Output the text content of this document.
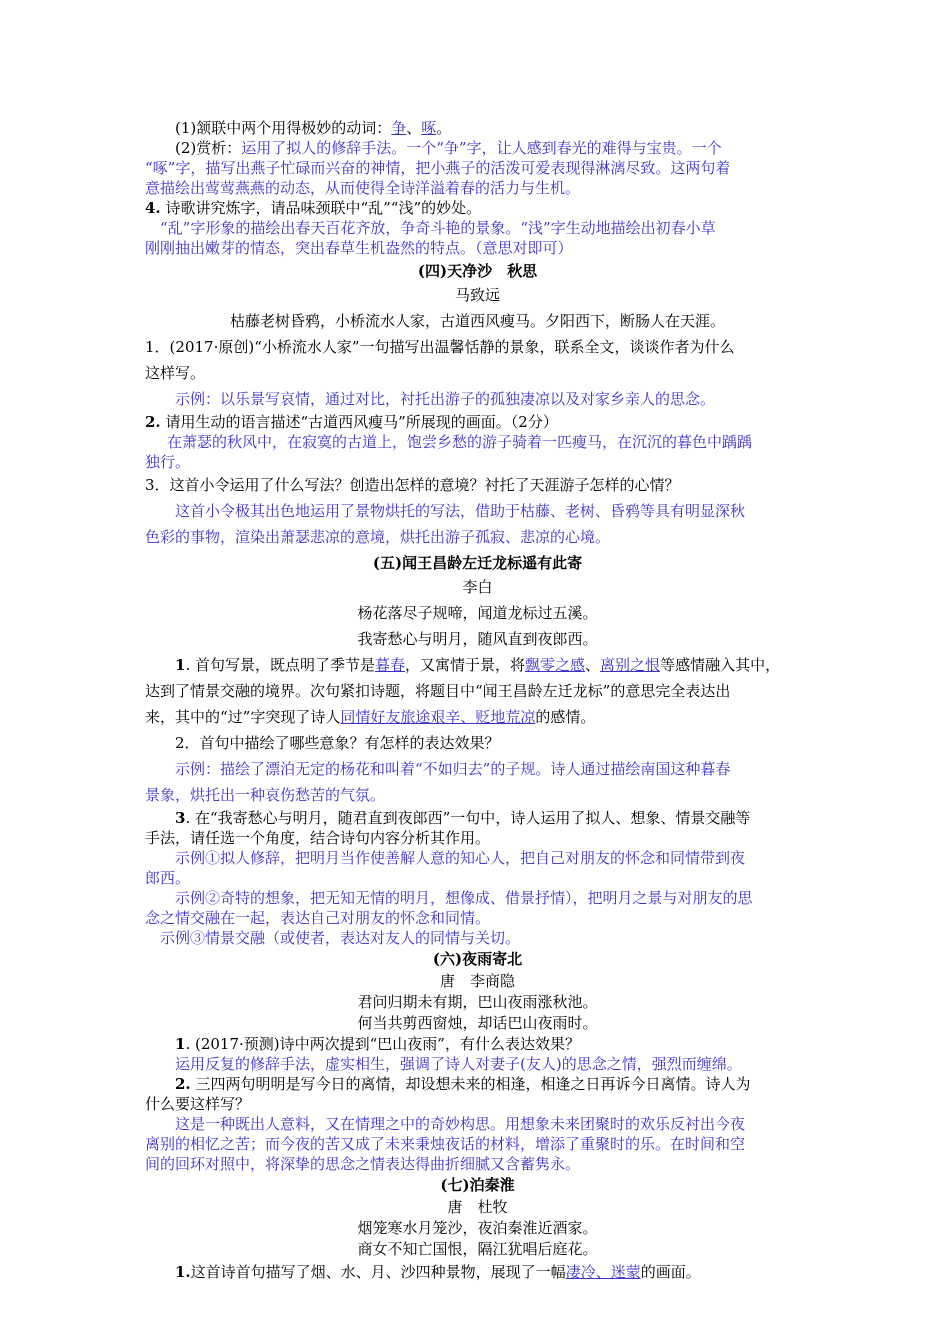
(1)颔联中两个用得极妙的动词：争、啄。

(2)赏析：运用了拟人的修辞手法。一个“争”字，让人感到春光的难得与宝贵。一个

“啄”字，描写出燕子忙碌而兴奋的神情，把小燕子的活泼可爱表现得淋漓尽致。这两句着

意描绘出莺莺燕燕的动态，从而使得全诗洋溢着春的活力与生机。

4. 诗歌讲究炼字，请品味颈联中“乱”“浅”的妙处。

“乱”字形象的描绘出春天百花齐放，争奇斗艳的景象。“浅”字生动地描绘出初春小草

刚刚抽出嫩芽的情态，突出春草生机盎然的特点。（意思对即可）

(四)天净沙　秋思

马致远

枯藤老树昏鸦，小桥流水人家，古道西风瘦马。夕阳西下，断肠人在天涯。

1．(2017·原创)“小桥流水人家”一句描写出温馨恬静的景象，联系全文，谈谈作者为什么

这样写。

示例：以乐景写哀情，通过对比，衬托出游子的孤独凄凉以及对家乡亲人的思念。

2. 请用生动的语言描述“古道西风瘦马”所展现的画面。（2分）

在萧瑟的秋风中，在寂寞的古道上，饱尝乡愁的游子骑着一匹瘦马，在沉沉的暮色中踽踽

独行。

3．这首小令运用了什么写法？创造出怎样的意境？衬托了天涯游子怎样的心情？

这首小令极其出色地运用了景物烘托的写法，借助于枯藤、老树、昏鸦等具有明显深秋

色彩的事物，渲染出萧瑟悲凉的意境，烘托出游子孤寂、悲凉的心境。

(五)闻王昌龄左迁龙标遥有此寄

李白

杨花落尽子规啼，闻道龙标过五溪。

我寄愁心与明月，随风直到夜郎西。

1. 首句写景，既点明了季节是暮春，又寓情于景，将飘零之感、离别之恨等感情融入其中，

达到了情景交融的境界。次句紧扣诗题，将题目中“闻王昌龄左迁龙标”的意思完全表达出

来，其中的“过”字突现了诗人同情好友旅途艰辛、贬地荒凉的感情。

2．首句中描绘了哪些意象？有怎样的表达效果？

示例：描绘了漂泊无定的杨花和叫着“不如归去”的子规。诗人通过描绘南国这种暮春

景象，烘托出一种哀伤愁苦的气氛。

3. 在“我寄愁心与明月，随君直到夜郎西”一句中，诗人运用了拟人、想象、情景交融等

手法，请任选一个角度，结合诗句内容分析其作用。

示例①拟人修辞，把明月当作使善解人意的知心人，把自己对朋友的怀念和同情带到夜

郎西。

示例②奇特的想象，把无知无情的明月，想像成、借景抒情），把明月之景与对朋友的思

念之情交融在一起，表达自己对朋友的怀念和同情。

示例③情景交融（或使者，表达对友人的同情与关切。

(六)夜雨寄北

唐　李商隐

君问归期未有期，巴山夜雨涨秋池。

何当共剪西窗烛，却话巴山夜雨时。

1. (2017·预测)诗中两次提到“巴山夜雨”，有什么表达效果？

运用反复的修辞手法，虚实相生，强调了诗人对妻子(友人)的思念之情，强烈而缠绵。

2. 三四两句明明是写今日的离情，却设想未来的相逢，相逢之日再诉今日离情。诗人为

什么要这样写？

这是一种既出人意料，又在情理之中的奇妙构思。用想象未来团聚时的欢乐反衬出今夜

离别的相忆之苦；而今夜的苦又成了未来秉烛夜话的材料，增添了重聚时的乐。在时间和空

间的回环对照中，将深挚的思念之情表达得曲折细腻又含蓄隽永。

(七)泊秦淮

唐　杜牧

烟笼寒水月笼沙，夜泊秦淮近酒家。

商女不知亡国恨，隔江犹唱后庭花。

1.这首诗首句描写了烟、水、月、沙四种景物，展现了一幅凄冷、迷蒙的画面。
